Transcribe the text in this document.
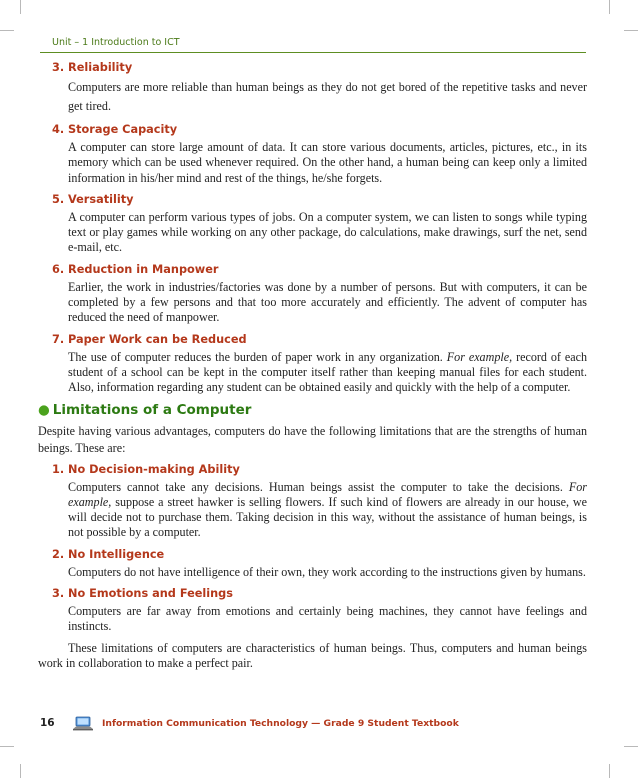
Unit – 1 Introduction to ICT
3. Reliability

Computers are more reliable than human beings as they do not get bored of the repetitive tasks and never get tired.

4. Storage Capacity

A computer can store large amount of data. It can store various documents, articles, pictures, etc., in its memory which can be used whenever required. On the other hand, a human being can keep only a limited information in his/her mind and rest of the things, he/she forgets.

5. Versatility

A computer can perform various types of jobs. On a computer system, we can listen to songs while typing text or play games while working on any other package, do calculations, make drawings, surf the net, send e-mail, etc.

6. Reduction in Manpower

Earlier, the work in industries/factories was done by a number of persons. But with computers, it can be completed by a few persons and that too more accurately and efficiently. The advent of computer has reduced the need of manpower.

7. Paper Work can be Reduced

The use of computer reduces the burden of paper work in any organization. For example, record of each student of a school can be kept in the computer itself rather than keeping manual files for each student. Also, information regarding any student can be obtained easily and quickly with the help of a computer.

● Limitations of a Computer

Despite having various advantages, computers do have the following limitations that are the strengths of human beings. These are:

1. No Decision-making Ability

Computers cannot take any decisions. Human beings assist the computer to take the decisions. For example, suppose a street hawker is selling flowers. If such kind of flowers are already in our house, we will decide not to purchase them. Taking decision in this way, without the assistance of human beings, is not possible by a computer.

2. No Intelligence

Computers do not have intelligence of their own, they work according to the instructions given by humans.

3. No Emotions and Feelings

Computers are far away from emotions and certainly being machines, they cannot have feelings and instincts.

These limitations of computers are characteristics of human beings. Thus, computers and human beings work in collaboration to make a perfect pair.

16	Information Communication Technology — Grade 9 Student Textbook
